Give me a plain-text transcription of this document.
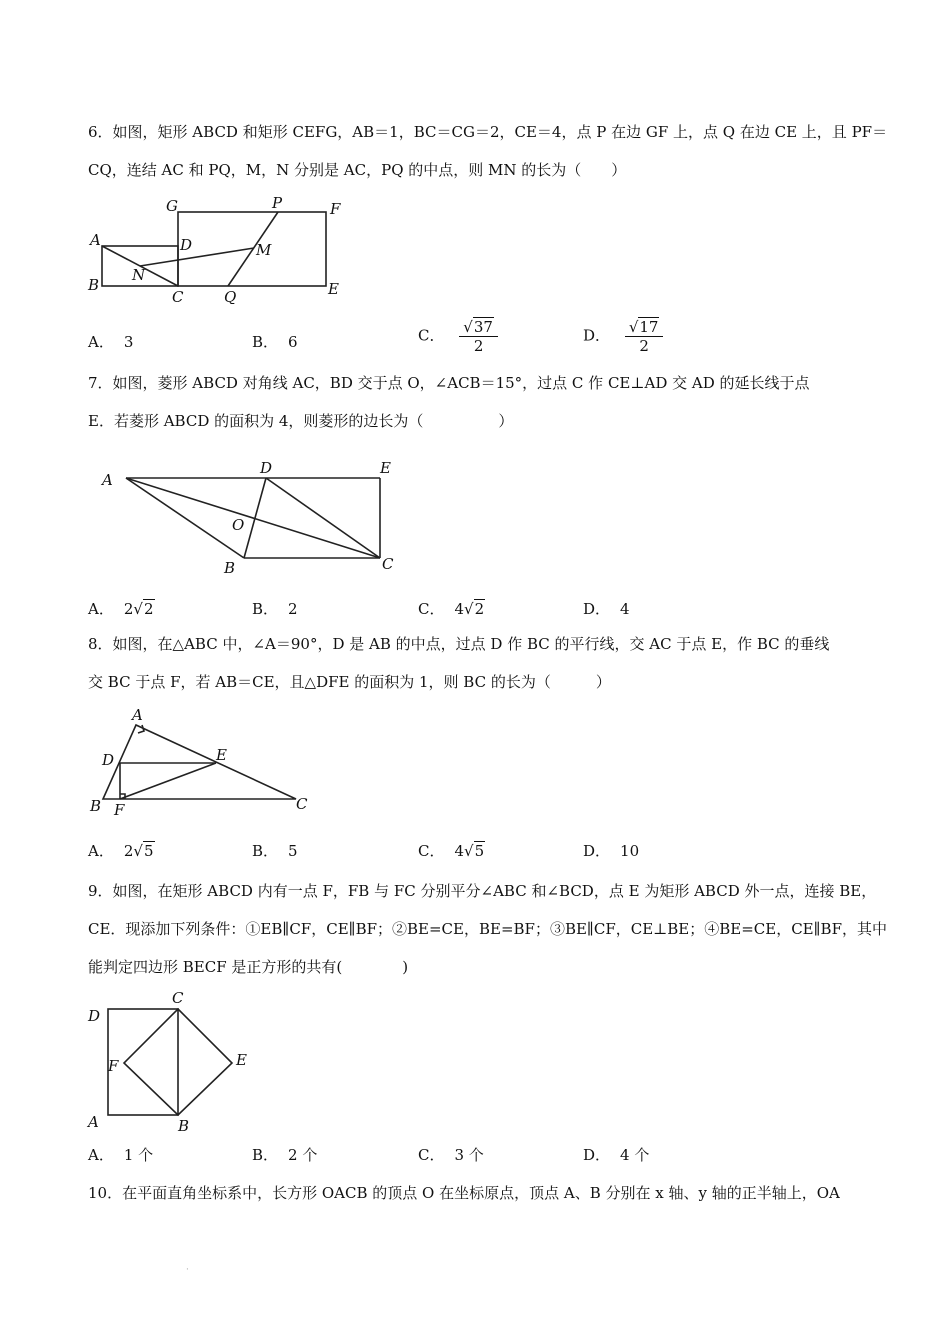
6．如图，矩形 ABCD 和矩形 CEFG，AB＝1，BC＝CG＝2，CE＝4，点 P 在边 GF 上，点 Q 在边 CE 上，且 PF＝
CQ，连结 AC 和 PQ，M，N 分别是 AC，PQ 的中点，则 MN 的长为（　　）
G	P	F
A	D	M
N
B
C	Q	E
A． 3	B． 6	C． $\frac{√37}{2}$	D． $\frac{√17}{2}$
7．如图，菱形 ABCD 对角线 AC，BD 交于点 O，∠ACB＝15°，过点 C 作 CE⊥AD 交 AD 的延长线于点
E．若菱形 ABCD 的面积为 4，则菱形的边长为（　　　　　）
A
D	E
O
B	C
A． 2√2	B． 2	C． 4√2	D． 4
8．如图，在△ABC 中，∠A＝90°，D 是 AB 的中点，过点 D 作 BC 的平行线，交 AC 于点 E，作 BC 的垂线
交 BC 于点 F，若 AB＝CE，且△DFE 的面积为 1，则 BC 的长为（　　　）
A
D	E
B F	C
A． 2√5	B． 5	C． 4√5	D． 10
9．如图，在矩形 ABCD 内有一点 F，FB 与 FC 分别平分∠ABC 和∠BCD，点 E 为矩形 ABCD 外一点，连接 BE，
CE．现添加下列条件：①EB∥CF，CE∥BF；②BE=CE，BE=BF；③BE∥CF，CE⊥BE；④BE=CE，CE∥BF，其中
能判定四边形 BECF 是正方形的共有(　　　　)
C
D
F	E
A	B
A． 1 个	B． 2 个	C． 3 个	D． 4 个
10．在平面直角坐标系中，长方形 OACB 的顶点 O 在坐标原点，顶点 A、B 分别在 x 轴、y 轴的正半轴上，OA
·
